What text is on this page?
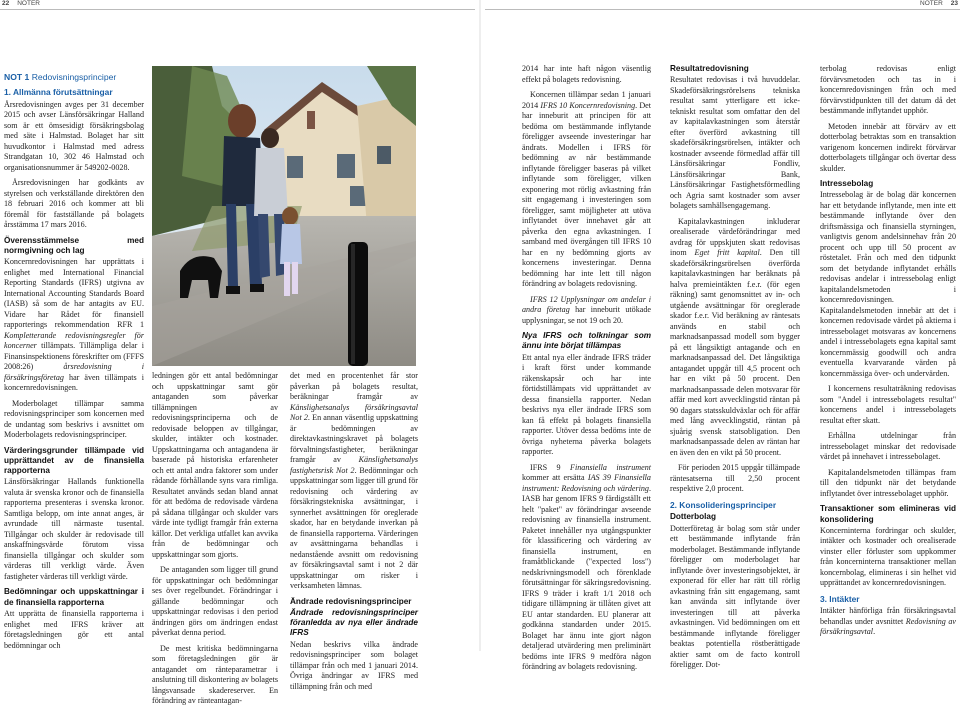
22 NOTER	NOTER 23
NOT 1 Redovisningsprinciper
1. Allmänna förutsättningar

Årsredovisningen avges per 31 december 2015 och avser Länsförsäkringar Halland som är ett ömsesidigt försäkringsbolag med säte i Halmstad. Bolaget har sitt huvudkontor i Halmstad med adress Strandgatan 10, 302 46 Halmstad och organisationsnummer är 549202-0028.

Årsredovisningen har godkänts av styrelsen och verkställande direktören den 18 februari 2016 och kommer att bli föremål för fastställande på bolagets årsstämma 17 mars 2016.

Överensstämmelse med normgivning och lag

Koncernredovisningen har upprättats i enlighet med International Financial Reporting Standards (IFRS) utgivna av International Accounting Standards Board (IASB) så som de har antagits av EU. Vidare har Rådet för finansiell rapporterings rekommendation RFR 1 Kompletterande redovisningsregler för koncerner tillämpats. Tillämpliga delar i Finansinspektionens föreskrifter om (FFFS 2008:26) årsredovisning i försäkringsföretag har även tillämpats i koncernredovisningen.

Moderbolaget tillämpar samma redovisningsprinciper som koncernen med de undantag som beskrivs i avsnittet om Moderbolagets redovisningsprinciper.

Värderingsgrunder tillämpade vid upprättandet av de finansiella rapporterna

Länsförsäkringar Hallands funktionella valuta är svenska kronor och de finansiella rapporterna presenteras i svenska kronor. Samtliga belopp, om inte annat anges, är avrundade till närmaste tusental. Tillgångar och skulder är redovisade till anskaffningsvärde förutom vissa finansiella tillgångar och skulder som värderas till verkligt värde. Även fastigheter värderas till verkligt värde.

Bedömningar och uppskattningar i de finansiella rapporterna

Att upprätta de finansiella rapporterna i enlighet med IFRS kräver att företagsledningen gör ett antal bedömningar och

ledningen gör ett antal bedömningar och uppskattningar samt gör antaganden som påverkar tillämpningen av redovisningsprinciperna och de redovisade beloppen av tillgångar, skulder, intäkter och kostnader. Uppskattningarna och antagandena är baserade på historiska erfarenheter och ett antal andra faktorer som under rådande förhållande syns vara rimliga. Resultatet används sedan bland annat för att bedöma de redovisade värdena på sådana tillgångar och skulder vars värde inte tydligt framgår från externa källor. Det verkliga utfallet kan avvika från de bedömningar och uppskattningar som gjorts.

De antaganden som ligger till grund för uppskattningar och bedömningar ses över regelbundet. Förändringar i gällande bedömningar och uppskattningar redovisas i den period ändringen görs om ändringen endast påverkat denna period.

De mest kritiska bedömningarna som företagsledningen gör är antagandet om ränteparametrar i anslutning till diskontering av bolagets långsvansade skadereserver. En förändring av ränteantagan-

det med en procentenhet får stor påverkan på bolagets resultat, beräkningar framgår av Känslighetsanalys försäkringsavtal Not 2. En annan väsentlig uppskattning är bedömningen av direktavkastningskravet på bolagets förvaltningsfastigheter, beräkningar framgår av Känslighetsanalys fastighetsrisk Not 2. Bedömningar och uppskattningar som ligger till grund för redovisning och värdering av försäkringstekniska avsättningar, i synnerhet avsättningen för oreglerade skador, har en betydande inverkan på de finansiella rapporterna. Värderingen av avsättningarna behandlas i nedanstående avsnitt om redovisning av försäkringsavtal samt i not 2 där uppskattningar om risker i verksamheten lämnas.

Ändrade redovisningsprinciper
Ändrade redovisningsprinciper föranledda av nya eller ändrade IFRS

Nedan beskrivs vilka ändrade redovisningsprinciper som bolaget tillämpar från och med 1 januari 2014. Övriga ändringar av IFRS med tillämpning från och med

2014 har inte haft någon väsentlig effekt på bolagets redovisning.

Koncernen tillämpar sedan 1 januari 2014 IFRS 10 Koncernredovisning. Det har inneburit att principen för att bedöma om bestämmande inflytande föreligger avseende investeringar har ändrats. Modellen i IFRS för bedömning av när bestämmande inflytande föreligger baseras på vilket inflytande som föreligger, vilken exponering mot rörlig avkastning från sitt engagemang i investeringen som föreligger, samt möjligheter att utöva inflytandet över innehavet går att påverka den egna avkastningen. I samband med övergången till IFRS 10 har en ny bedömning gjorts av koncernens investeringar. Denna bedömning har inte lett till någon förändring av bolagets redovisning.

IFRS 12 Upplysningar om andelar i andra företag har inneburit utökade upplysningar, se not 19 och 20.

Nya IFRS och tolkningar som ännu inte börjat tillämpas

Ett antal nya eller ändrade IFRS träder i kraft först under kommande räkenskapsår och har inte förtidstillämpats vid upprättandet av dessa finansiella rapporter. Nedan beskrivs nya eller ändrade IFRS som kan få effekt på bolagets finansiella rapporter. Utöver dessa bedöms inte de övriga nyheterna påverka bolagets rapporter.

IFRS 9 Finansiella instrument kommer att ersätta IAS 39 Finansiella instrument: Redovisning och värdering. IASB har genom IFRS 9 färdigställt ett helt "paket" av förändringar avseende redovisning av finansiella instrument. Paketet innehåller nya utgångspunkter för klassificering och värdering av finansiella instrument, en framåtblickande ("expected loss") nedskrivningsmodell och förenklade förutsättningar för säkringsredovisning. IFRS 9 träder i kraft 1/1 2018 och tidigare tillämpning är tillåten givet att EU antar standarden. EU planerar att godkänna standarden under 2015. Bolaget har ännu inte gjort någon detaljerad utvärdering men preliminärt bedöms inte IFRS 9 medföra någon förändring av bolagets redovisning.

Resultatredovisning

Resultatet redovisas i två huvuddelar. Skadeförsäkringsrörelsens tekniska resultat samt ytterligare ett icke-tekniskt resultat som omfattar den del av kapitalavkastningen som återstår efter överförd avkastning till skadeförsäkringsrörelsen, intäkter och kostnader avseende förmedlad affär till Länsförsäkringar Fondliv, Länsförsäkringar Bank, Länsförsäkringar Fastighetsförmedling och Agria samt kostnader som avser bolagets samhällsengagemang.

Kapitalavkastningen inkluderar orealiserade värdeförändringar med avdrag för uppskjuten skatt redovisas inom Eget fritt kapital. Den till skadeförsäkringsrörelsen överförda kapitalavkastningen har beräknats på halva premieintäkten f.e.r. (för egen räkning) samt genomsnittet av in- och utgående avsättningar för oreglerade skador f.e.r. Vid beräkning av räntesats används en stabil och marknadsanpassad modell som bygger på ett långsiktigt antagande och en marknadsanpassad del. Det långsiktiga antagandet uppgår till 4,5 procent och har en vikt på 50 procent. Den marknadsanpassade delen motsvarar för affär med kort avvecklingstid räntan på 90 dagars statsskuldväxlar och för affär med lång avvecklingstid, räntan på sjuårig svensk statsobligation. Den marknadsanpassade delen av räntan har en även den en vikt på 50 procent.

För perioden 2015 uppgår tillämpade räntesatserna till 2,50 procent respektive 2,0 procent.

2. Konsolideringsprinciper
Dotterbolag

Dotterföretag är bolag som står under ett bestämmande inflytande från moderbolaget. Bestämmande inflytande föreligger om moderbolaget har inflytande över investeringsobjektet, är exponerad för eller har rätt till rörlig avkastning från sitt engagemang, samt kan använda sitt inflytande över investeringen till att påverka avkastningen. Vid bedömningen om ett bestämmande inflytande föreligger beaktas potentiella röstberättigade aktier samt om de facto kontroll föreligger. Dot-

terbolag redovisas enligt förvärvsmetoden och tas in i koncernredovisningen från och med förvärvstidpunkten till det datum då det bestämmande inflytandet upphör.

Metoden innebär att förvärv av ett dotterbolag betraktas som en transaktion varigenom koncernen indirekt förvärvar dotterbolagets tillgångar och övertar dess skulder.

Intressebolag

Intressebolag är de bolag där koncernen har ett betydande inflytande, men inte ett bestämmande inflytande över den driftsmässiga och finansiella styrningen, vanligtvis genom andelsinnehav från 20 procent och upp till 50 procent av röstetalet. Från och med den tidpunkt som det betydande inflytandet erhålls redovisas andelar i intressebolag enligt kapitalandelsmetoden i koncernredovisningen. Kapitalandelsmetoden innebär att det i koncernen redovisade värdet på aktierna i intressebolaget motsvaras av koncernens andel i intressebolagets egna kapital samt koncernmässig goodwill och andra eventuella kvarvarande värden på koncernmässiga över- och undervärden.

I koncernens resultaträkning redovisas som "Andel i intressebolagets resultat" koncernens andel i intressebolagets resultat efter skatt.

Erhållna utdelningar från intressebolaget minskar det redovisade värdet på innehavet i intressebolaget.

Kapitalandelsmetoden tillämpas fram till den tidpunkt när det betydande inflytandet över intressebolaget upphör.

Transaktioner som elimineras vid konsolidering

Koncerninterna fordringar och skulder, intäkter och kostnader och orealiserade vinster eller förluster som uppkommer från koncerninterna transaktioner mellan koncernbolag, elimineras i sin helhet vid upprättandet av koncernredovisningen.

3. Intäkter

Intäkter hänförliga från försäkringsavtal behandlas under avsnittet Redovisning av försäkringsavtal.
